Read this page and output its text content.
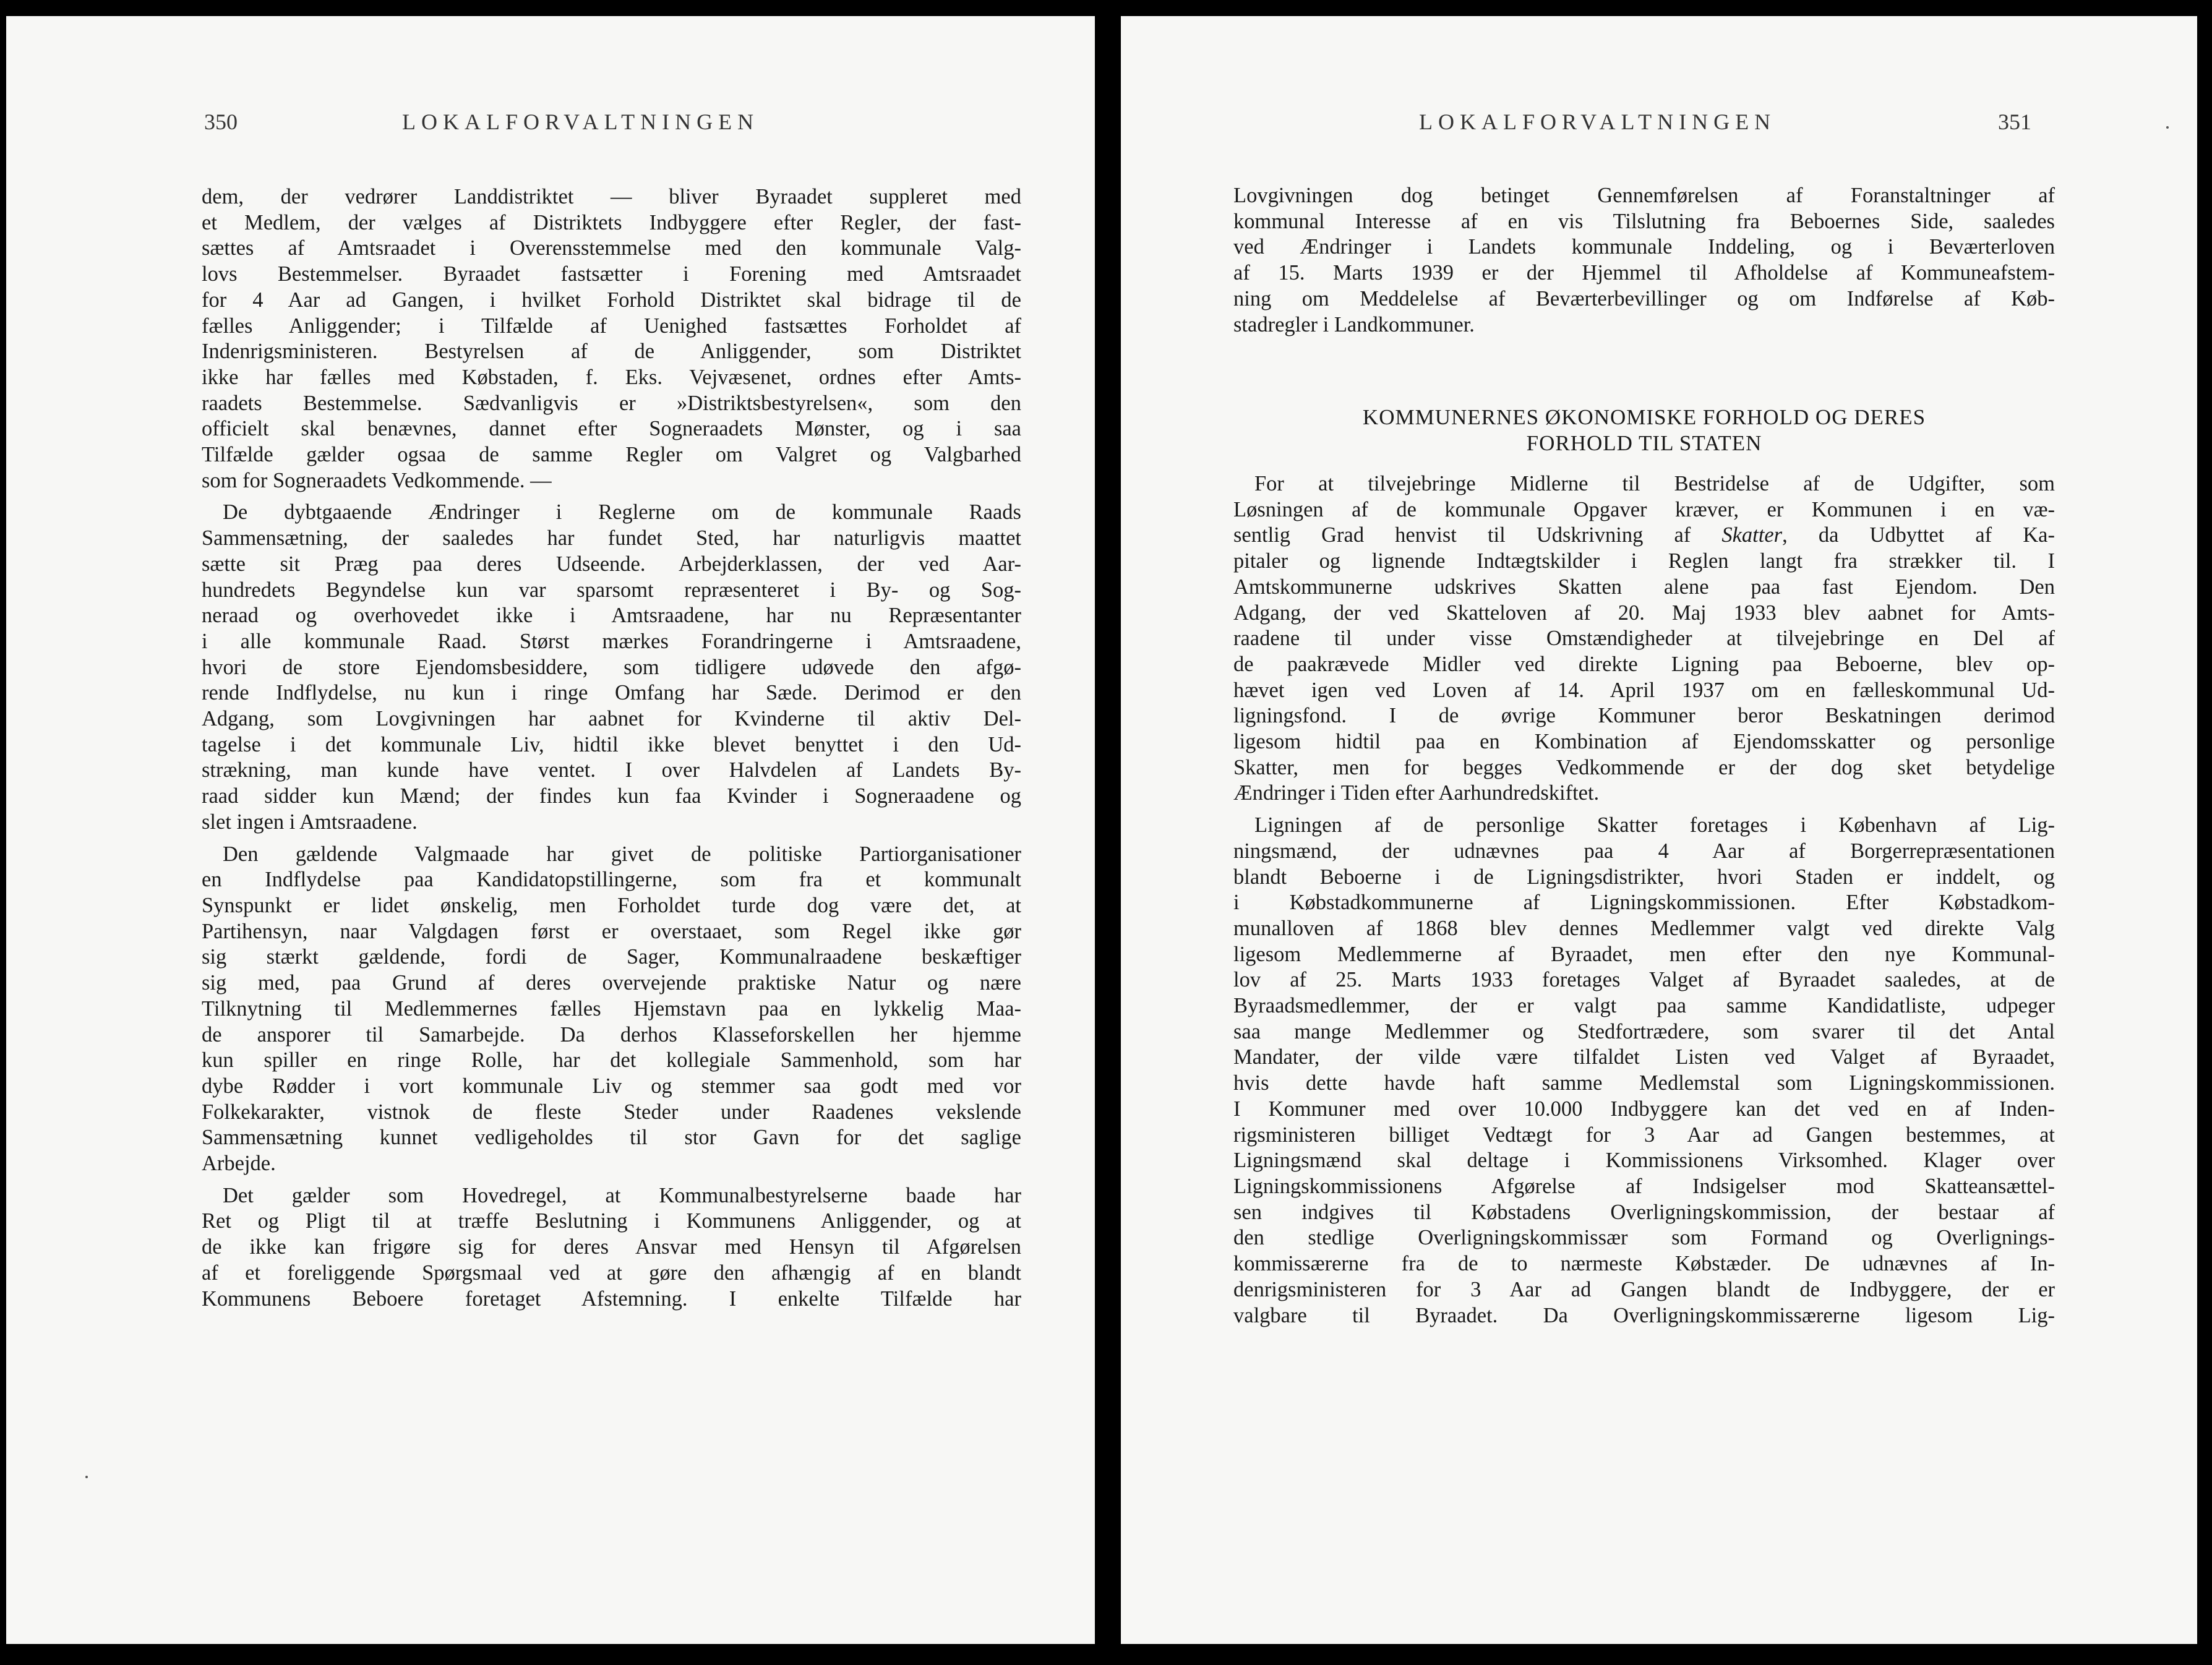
350	LOKALFORVALTNINGEN
dem, der vedrører Landdistriktet — bliver Byraadet suppleret med
et Medlem, der vælges af Distriktets Indbyggere efter Regler, der fast-
sættes af Amtsraadet i Overensstemmelse med den kommunale Valg-
lovs Bestemmelser. Byraadet fastsætter i Forening med Amtsraadet
for 4 Aar ad Gangen, i hvilket Forhold Distriktet skal bidrage til de
fælles Anliggender; i Tilfælde af Uenighed fastsættes Forholdet af
Indenrigsministeren. Bestyrelsen af de Anliggender, som Distriktet
ikke har fælles med Købstaden, f. Eks. Vejvæsenet, ordnes efter Amts-
raadets Bestemmelse. Sædvanligvis er »Distriktsbestyrelsen«, som den
officielt skal benævnes, dannet efter Sogneraadets Mønster, og i saa
Tilfælde gælder ogsaa de samme Regler om Valgret og Valgbarhed
som for Sogneraadets Vedkommende. —
De dybtgaaende Ændringer i Reglerne om de kommunale Raads
Sammensætning, der saaledes har fundet Sted, har naturligvis maattet
sætte sit Præg paa deres Udseende. Arbejderklassen, der ved Aar-
hundredets Begyndelse kun var sparsomt repræsenteret i By- og Sog-
neraad og overhovedet ikke i Amtsraadene, har nu Repræsentanter
i alle kommunale Raad. Størst mærkes Forandringerne i Amtsraadene,
hvori de store Ejendomsbesiddere, som tidligere udøvede den afgø-
rende Indflydelse, nu kun i ringe Omfang har Sæde. Derimod er den
Adgang, som Lovgivningen har aabnet for Kvinderne til aktiv Del-
tagelse i det kommunale Liv, hidtil ikke blevet benyttet i den Ud-
strækning, man kunde have ventet. I over Halvdelen af Landets By-
raad sidder kun Mænd; der findes kun faa Kvinder i Sogneraadene og
slet ingen i Amtsraadene.
Den gældende Valgmaade har givet de politiske Partiorganisationer
en Indflydelse paa Kandidatopstillingerne, som fra et kommunalt
Synspunkt er lidet ønskelig, men Forholdet turde dog være det, at
Partihensyn, naar Valgdagen først er overstaaet, som Regel ikke gør
sig stærkt gældende, fordi de Sager, Kommunalraadene beskæftiger
sig med, paa Grund af deres overvejende praktiske Natur og nære
Tilknytning til Medlemmernes fælles Hjemstavn paa en lykkelig Maa-
de ansporer til Samarbejde. Da derhos Klasseforskellen her hjemme
kun spiller en ringe Rolle, har det kollegiale Sammenhold, som har
dybe Rødder i vort kommunale Liv og stemmer saa godt med vor
Folkekarakter, vistnok de fleste Steder under Raadenes vekslende
Sammensætning kunnet vedligeholdes til stor Gavn for det saglige
Arbejde.
Det gælder som Hovedregel, at Kommunalbestyrelserne baade har
Ret og Pligt til at træffe Beslutning i Kommunens Anliggender, og at
de ikke kan frigøre sig for deres Ansvar med Hensyn til Afgørelsen
af et foreliggende Spørgsmaal ved at gøre den afhængig af en blandt
Kommunens Beboere foretaget Afstemning. I enkelte Tilfælde har
LOKALFORVALTNINGEN	351
Lovgivningen dog betinget Gennemførelsen af Foranstaltninger af
kommunal Interesse af en vis Tilslutning fra Beboernes Side, saaledes
ved Ændringer i Landets kommunale Inddeling, og i Beværterloven
af 15. Marts 1939 er der Hjemmel til Afholdelse af Kommuneafstem-
ning om Meddelelse af Beværterbevillinger og om Indførelse af Køb-
stadregler i Landkommuner.
KOMMUNERNES ØKONOMISKE FORHOLD OG DERES
FORHOLD TIL STATEN
For at tilvejebringe Midlerne til Bestridelse af de Udgifter, som
Løsningen af de kommunale Opgaver kræver, er Kommunen i en væ-
sentlig Grad henvist til Udskrivning af Skatter, da Udbyttet af Ka-
pitaler og lignende Indtægtskilder i Reglen langt fra strækker til. I
Amtskommunerne udskrives Skatten alene paa fast Ejendom. Den
Adgang, der ved Skatteloven af 20. Maj 1933 blev aabnet for Amts-
raadene til under visse Omstændigheder at tilvejebringe en Del af
de paakrævede Midler ved direkte Ligning paa Beboerne, blev op-
hævet igen ved Loven af 14. April 1937 om en fælleskommunal Ud-
ligningsfond. I de øvrige Kommuner beror Beskatningen derimod
ligesom hidtil paa en Kombination af Ejendomsskatter og personlige
Skatter, men for begges Vedkommende er der dog sket betydelige
Ændringer i Tiden efter Aarhundredskiftet.
Ligningen af de personlige Skatter foretages i København af Lig-
ningsmænd, der udnævnes paa 4 Aar af Borgerrepræsentationen
blandt Beboerne i de Ligningsdistrikter, hvori Staden er inddelt, og
i Købstadkommunerne af Ligningskommissionen. Efter Købstadkom-
munalloven af 1868 blev dennes Medlemmer valgt ved direkte Valg
ligesom Medlemmerne af Byraadet, men efter den nye Kommunal-
lov af 25. Marts 1933 foretages Valget af Byraadet saaledes, at de
Byraadsmedlemmer, der er valgt paa samme Kandidatliste, udpeger
saa mange Medlemmer og Stedfortrædere, som svarer til det Antal
Mandater, der vilde være tilfaldet Listen ved Valget af Byraadet,
hvis dette havde haft samme Medlemstal som Ligningskommissionen.
I Kommuner med over 10.000 Indbyggere kan det ved en af Inden-
rigsministeren billiget Vedtægt for 3 Aar ad Gangen bestemmes, at
Ligningsmænd skal deltage i Kommissionens Virksomhed. Klager over
Ligningskommissionens Afgørelse af Indsigelser mod Skatteansættel-
sen indgives til Købstadens Overligningskommission, der bestaar af
den stedlige Overligningskommissær som Formand og Overlignings-
kommissærerne fra de to nærmeste Købstæder. De udnævnes af In-
denrigsministeren for 3 Aar ad Gangen blandt de Indbyggere, der er
valgbare til Byraadet. Da Overligningskommissærerne ligesom Lig-
